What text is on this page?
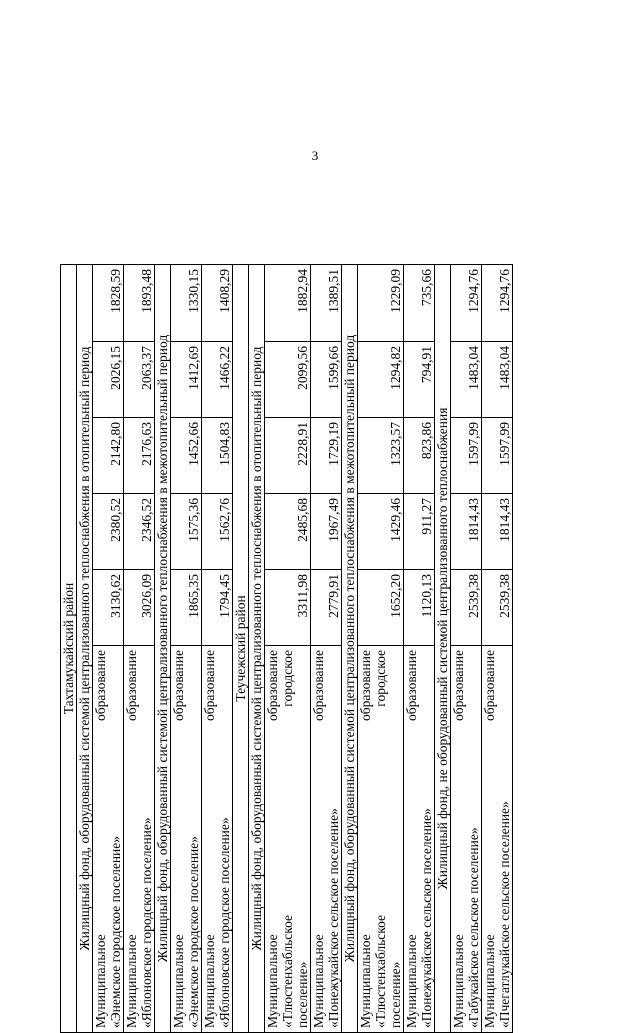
3
Тахтамукайский район					
Жилищный фонд, оборудованный системой централизованного теплоснабжения в отопительный период					

Муниципальное
образование
«Энемское городское поселение»	3130,62	2380,52	2142,80	2026,15	1828,59

Муниципальное
образование
«Яблоновское городское поселение»	3026,09	2346,52	2176,63	2063,37	1893,48
Жилищный фонд, оборудованный системой централизованного теплоснабжения в межотопительный период					

Муниципальное
образование
«Энемское городское поселение»	1865,35	1575,36	1452,66	1412,69	1330,15

Муниципальное
образование
«Яблоновское городское поселение»	1794,45	1562,76	1504,83	1466,22	1408,29
Теучежский район					
Жилищный фонд, оборудованный системой централизованного теплоснабжения в отопительный период					

Муниципальное
образование
«Тлюстенхабльское
городское
поселение»	3311,98	2485,68	2228,91	2099,56	1882,94

Муниципальное
образование
«Понежукайское сельское поселение»	2779,91	1967,49	1729,19	1599,66	1389,51
Жилищный фонд, оборудованный системой централизованного теплоснабжения в межотопительный период					

Муниципальное
образование
«Тлюстенхабльское
городское
поселение»	1652,20	1429,46	1323,57	1294,82	1229,09

Муниципальное
образование
«Понежукайское сельское поселение»	1120,13	911,27	823,86	794,91	735,66
Жилищный фонд, не оборудованный системой централизованного теплоснабжения					

Муниципальное
образование
«Габукайское сельское поселение»	2539,38	1814,43	1597,99	1483,04	1294,76

Муниципальное
образование
«Пчегатлукайское сельское поселение»	2539,38	1814,43	1597,99	1483,04	1294,76
